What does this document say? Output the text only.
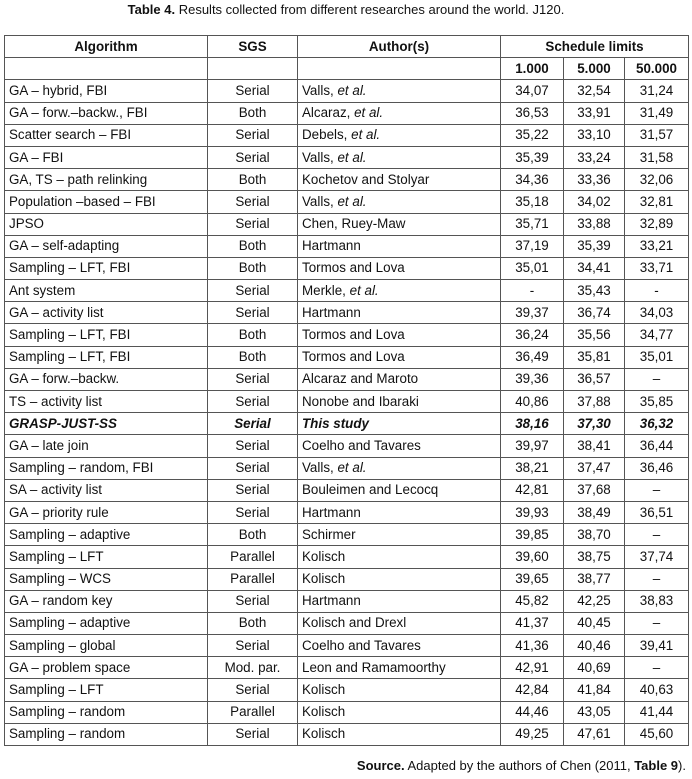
Table 4. Results collected from different researches around the world. J120.
Algorithm	SGS	Author(s)	Schedule limits		
			1.000	5.000	50.000
GA – hybrid, FBI	Serial	Valls, et al.	34,07	32,54	31,24
GA – forw.–backw., FBI	Both	Alcaraz, et al.	36,53	33,91	31,49
Scatter search – FBI	Serial	Debels, et al.	35,22	33,10	31,57
GA – FBI	Serial	Valls, et al.	35,39	33,24	31,58
GA, TS – path relinking	Both	Kochetov and Stolyar	34,36	33,36	32,06
Population –based – FBI	Serial	Valls, et al.	35,18	34,02	32,81
JPSO	Serial	Chen, Ruey-Maw	35,71	33,88	32,89
GA – self-adapting	Both	Hartmann	37,19	35,39	33,21
Sampling – LFT, FBI	Both	Tormos and Lova	35,01	34,41	33,71
Ant system	Serial	Merkle, et al.	-	35,43	-
GA – activity list	Serial	Hartmann	39,37	36,74	34,03
Sampling – LFT, FBI	Both	Tormos and Lova	36,24	35,56	34,77
Sampling – LFT, FBI	Both	Tormos and Lova	36,49	35,81	35,01
GA – forw.–backw.	Serial	Alcaraz and Maroto	39,36	36,57	–
TS – activity list	Serial	Nonobe and Ibaraki	40,86	37,88	35,85
GRASP-JUST-SS	Serial	This study	38,16	37,30	36,32
GA – late join	Serial	Coelho and Tavares	39,97	38,41	36,44
Sampling – random, FBI	Serial	Valls, et al.	38,21	37,47	36,46
SA – activity list	Serial	Bouleimen and Lecocq	42,81	37,68	–
GA – priority rule	Serial	Hartmann	39,93	38,49	36,51
Sampling – adaptive	Both	Schirmer	39,85	38,70	–
Sampling – LFT	Parallel	Kolisch	39,60	38,75	37,74
Sampling – WCS	Parallel	Kolisch	39,65	38,77	–
GA – random key	Serial	Hartmann	45,82	42,25	38,83
Sampling – adaptive	Both	Kolisch and Drexl	41,37	40,45	–
Sampling – global	Serial	Coelho and Tavares	41,36	40,46	39,41
GA – problem space	Mod. par.	Leon and Ramamoorthy	42,91	40,69	–
Sampling – LFT	Serial	Kolisch	42,84	41,84	40,63
Sampling – random	Parallel	Kolisch	44,46	43,05	41,44
Sampling – random	Serial	Kolisch	49,25	47,61	45,60
Source. Adapted by the authors of Chen (2011, Table 9).
